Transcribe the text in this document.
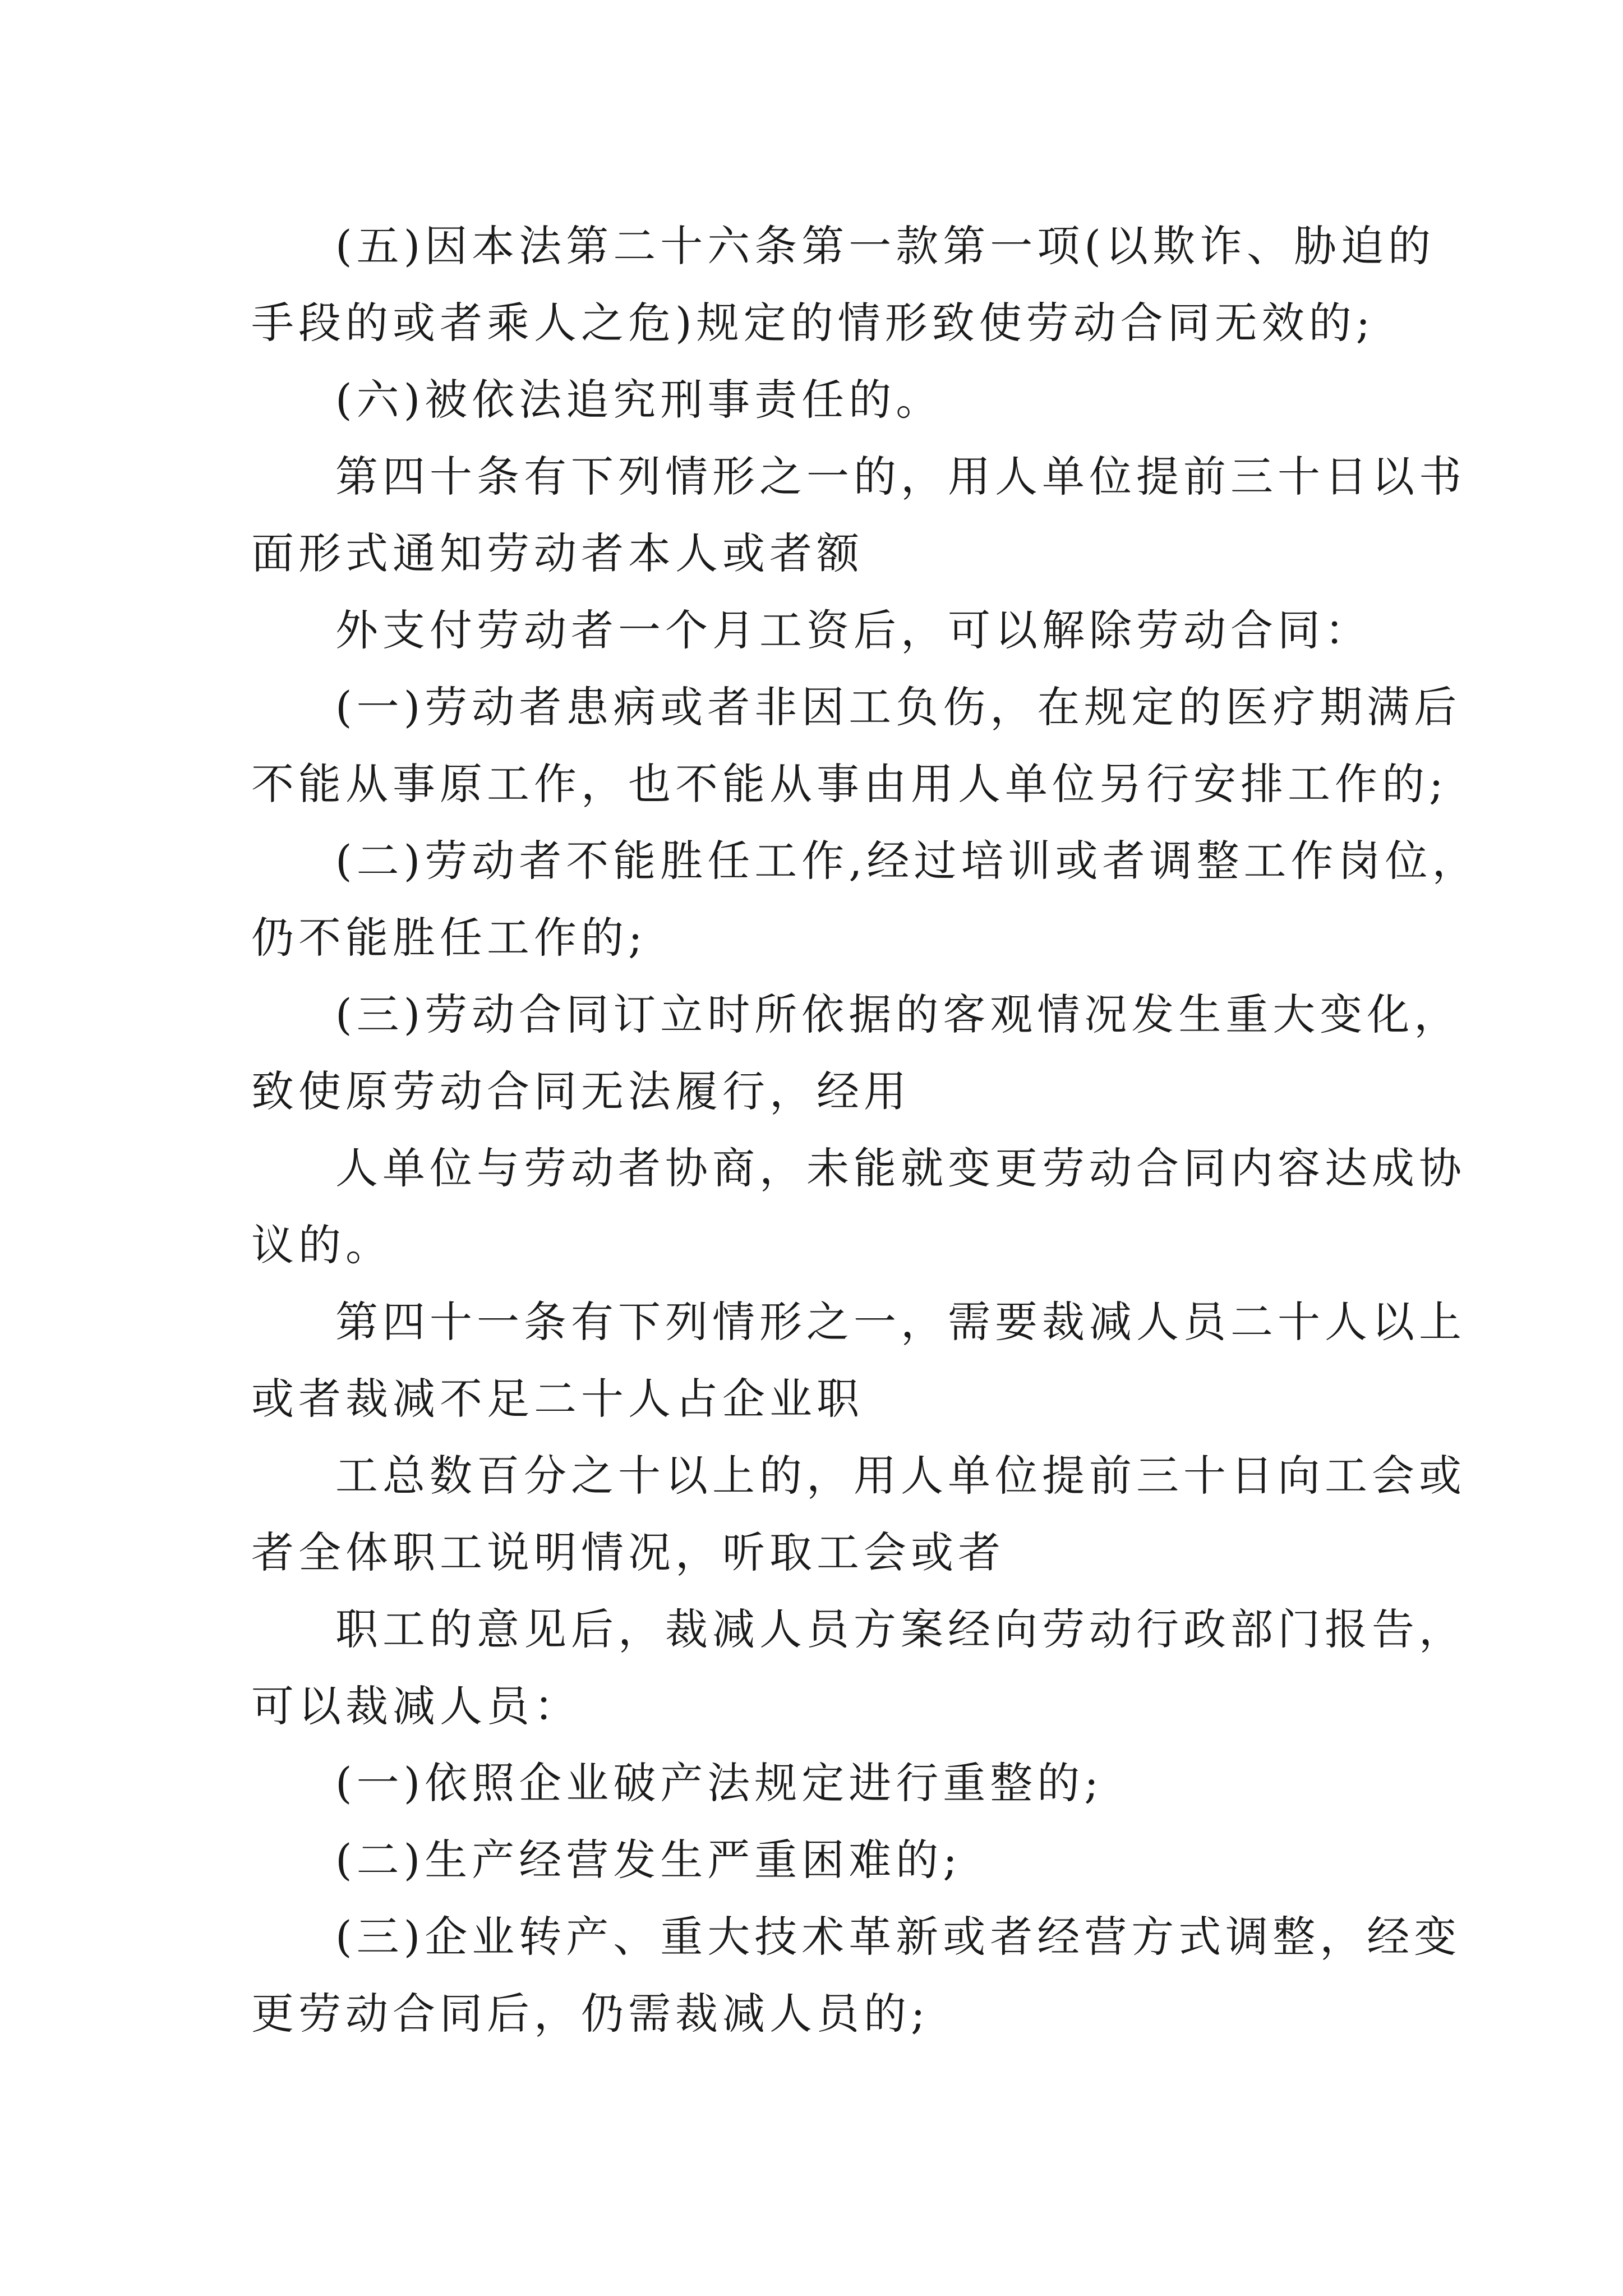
(五)因本法第二十六条第一款第一项(以欺诈、胁迫的
手段的或者乘人之危)规定的情形致使劳动合同无效的;
(六)被依法追究刑事责任的。
第四十条有下列情形之一的，用人单位提前三十日以书
面形式通知劳动者本人或者额
外支付劳动者一个月工资后，可以解除劳动合同：
(一)劳动者患病或者非因工负伤，在规定的医疗期满后
不能从事原工作，也不能从事由用人单位另行安排工作的;
(二)劳动者不能胜任工作,经过培训或者调整工作岗位，
仍不能胜任工作的;
(三)劳动合同订立时所依据的客观情况发生重大变化，
致使原劳动合同无法履行，经用
人单位与劳动者协商，未能就变更劳动合同内容达成协
议的。
第四十一条有下列情形之一，需要裁减人员二十人以上
或者裁减不足二十人占企业职
工总数百分之十以上的，用人单位提前三十日向工会或
者全体职工说明情况，听取工会或者
职工的意见后，裁减人员方案经向劳动行政部门报告，
可以裁减人员：
(一)依照企业破产法规定进行重整的;
(二)生产经营发生严重困难的;
(三)企业转产、重大技术革新或者经营方式调整，经变
更劳动合同后，仍需裁减人员的;
